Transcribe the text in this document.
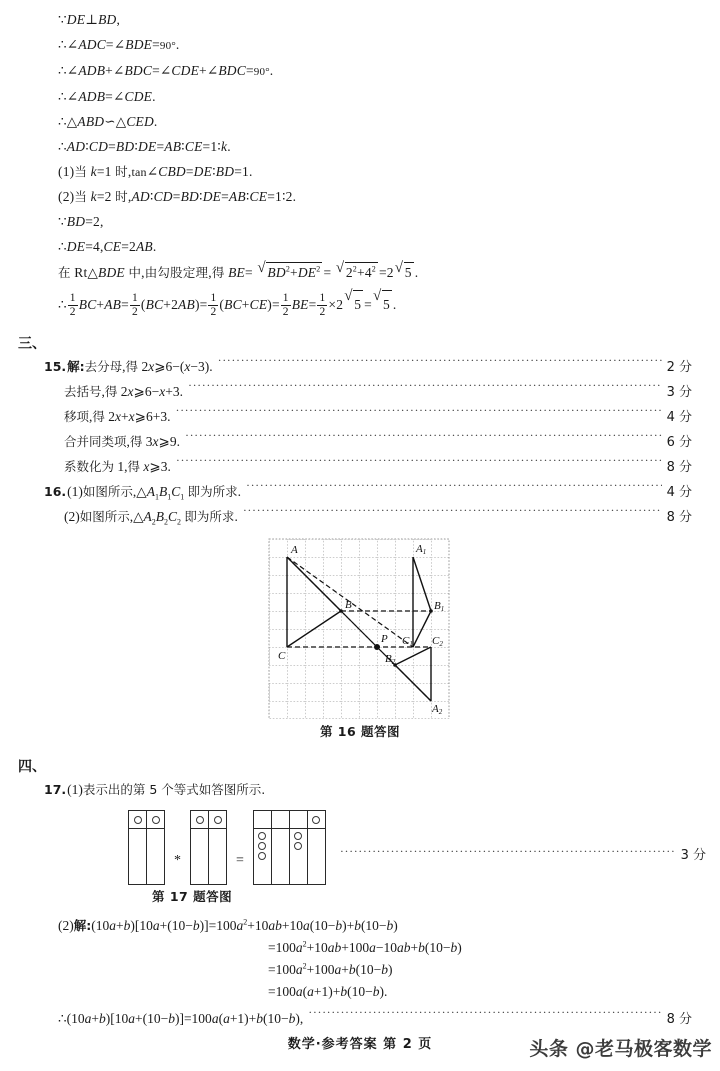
∵DE⊥BD,
∴∠ADC=∠BDE=90°.
∴∠ADB+∠BDC=∠CDE+∠BDC=90°.
∴∠ADB=∠CDE.
∴△ABD∽△CED.
∴AD∶CD=BD∶DE=AB∶CE=1∶k.
(1)当 k=1 时,tan∠CBD=DE∶BD=1.
(2)当 k=2 时,AD∶CD=BD∶DE=AB∶CE=1∶2.
∵BD=2,
∴DE=4,CE=2AB.
在 Rt△BDE 中,由勾股定理,得 BE= √ $BD^2+DE^2$ = √ $2^2+4^2 =2$ √ 5 .
∴ $\frac{1}{2} BC+AB= \frac{1}{2} (BC+2AB)= \frac{1}{2} (BC+CE)= \frac{1}{2} BE= \frac{1}{2} \times 2$
√
5 =
√
5 .
三、
15. 解:去分母,得 2x⩾6−(x−3). ·····	2 分
去括号,得 2x⩾6−x+3. ·····	3 分
移项,得 2x+x⩾6+3. ·····	4 分
合并同类项,得 3x⩾9. ·····	6 分
系数化为 1,得 x⩾3. ·····	8 分
16. (1)如图所示$,\triangle A_1B_1C_1$ 即为所求. ·····	4 分
(2)如图所示$,\triangle A_2B_2C_2$ 即为所求. ·····	8 分
A
B
C
P
A1
B1
C1 C2
B2
A2
第 16 题答图
四、
17. (1)表示出的第 5 个等式如答图所示.
*	= ·····	3 分
第 17 题答图
(2)解$:(10a+b)[10a+(10-b)]=100a^2+10ab+10a(10-b)+b(10-b)$
$=100a^2+10ab+100a-10ab+b(10-b)$
$=100a^2+100a+b(10-b)$
=100a(a+1)+b(10−b).
∴(10a+b)[10a+(10−b)]=100a(a+1)+b(10−b), ·····	8 分
数学·参考答案 第 2 页	头条 @老马极客数学
